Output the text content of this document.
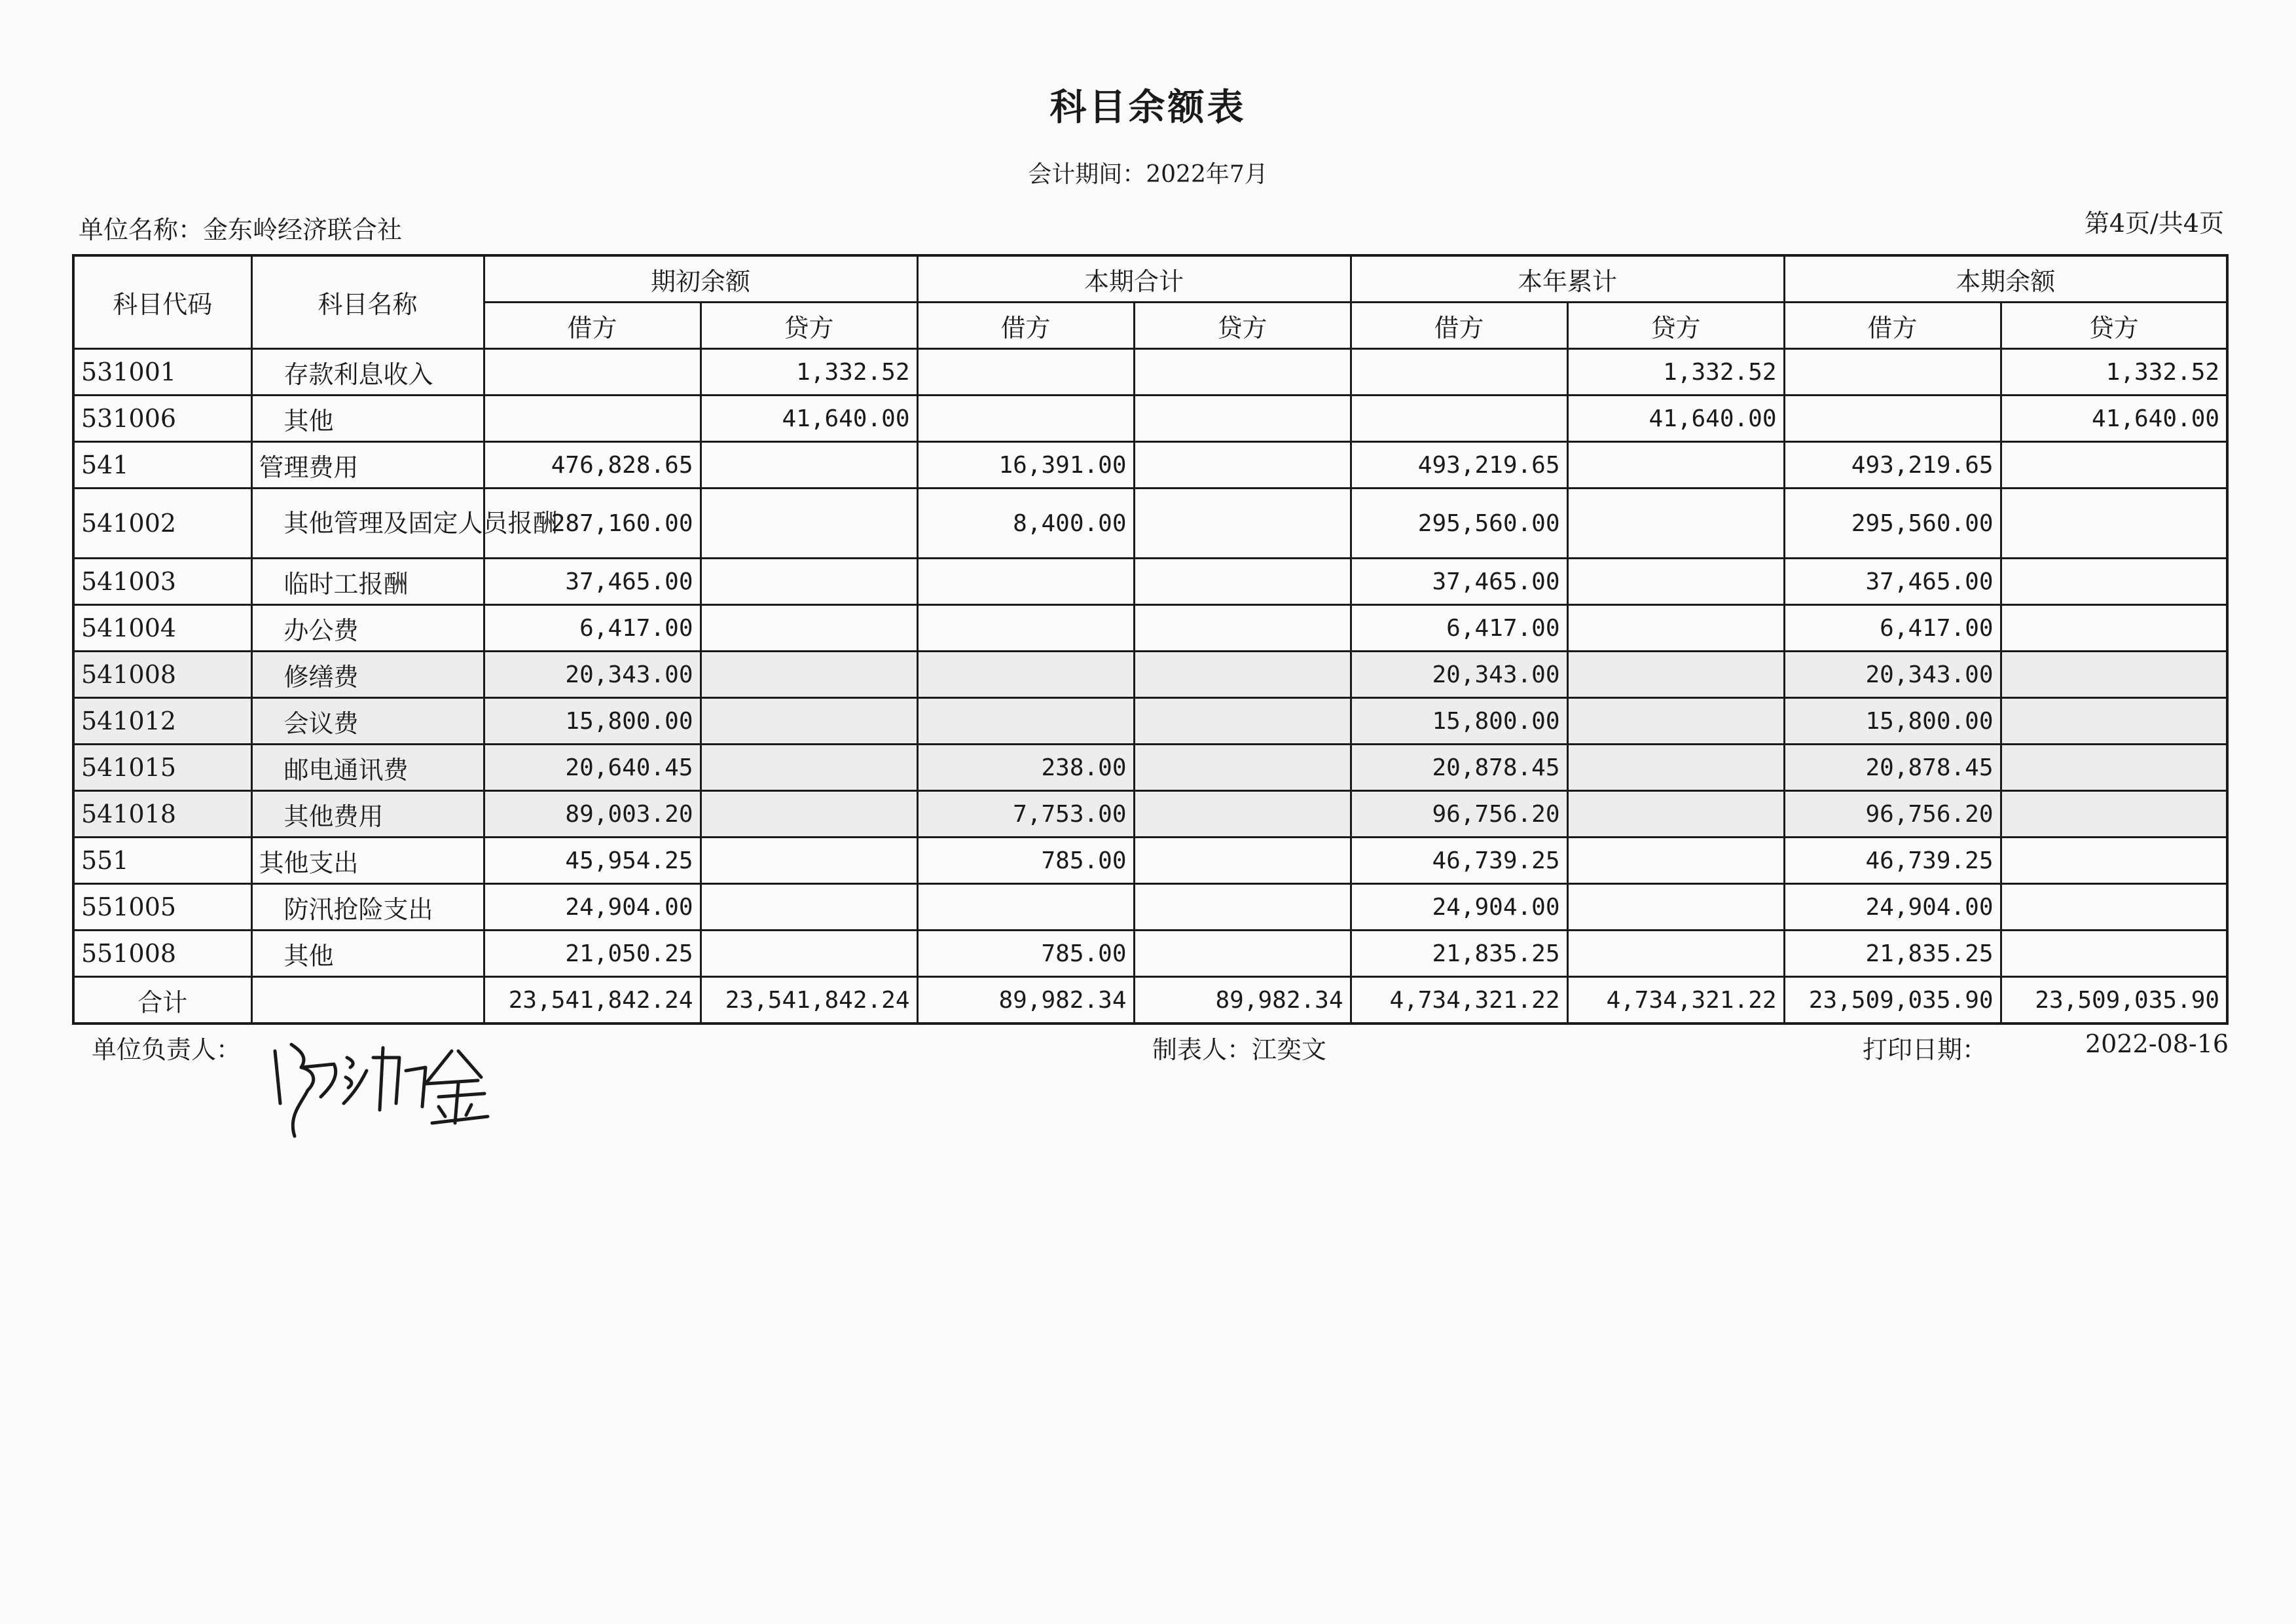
科目余额表
会计期间：2022年7月
单位名称：金东岭经济联合社	第4页/共4页
科目代码	科目名称	期初余额		本期合计		本年累计		本期余额	
		借方	贷方	借方	贷方	借方	贷方	借方	贷方
531001	存款利息收入		1,332.52				1,332.52		1,332.52
531006	其他		41,640.00				41,640.00		41,640.00
541	管理费用	476,828.65		16,391.00		493,219.65		493,219.65	
541002	其他管理及固定人员报酬	287,160.00		8,400.00		295,560.00		295,560.00	
541003	临时工报酬	37,465.00				37,465.00		37,465.00	
541004	办公费	6,417.00				6,417.00		6,417.00	
541008	修缮费	20,343.00				20,343.00		20,343.00	
541012	会议费	15,800.00				15,800.00		15,800.00	
541015	邮电通讯费	20,640.45		238.00		20,878.45		20,878.45	
541018	其他费用	89,003.20		7,753.00		96,756.20		96,756.20	
551	其他支出	45,954.25		785.00		46,739.25		46,739.25	
551005	防汛抢险支出	24,904.00				24,904.00		24,904.00	
551008	其他	21,050.25		785.00		21,835.25		21,835.25	
合计		23,541,842.24	23,541,842.24	89,982.34	89,982.34	4,734,321.22	4,734,321.22	23,509,035.90	23,509,035.90
单位负责人：	制表人：江奕文	打印日期：	2022-08-16
